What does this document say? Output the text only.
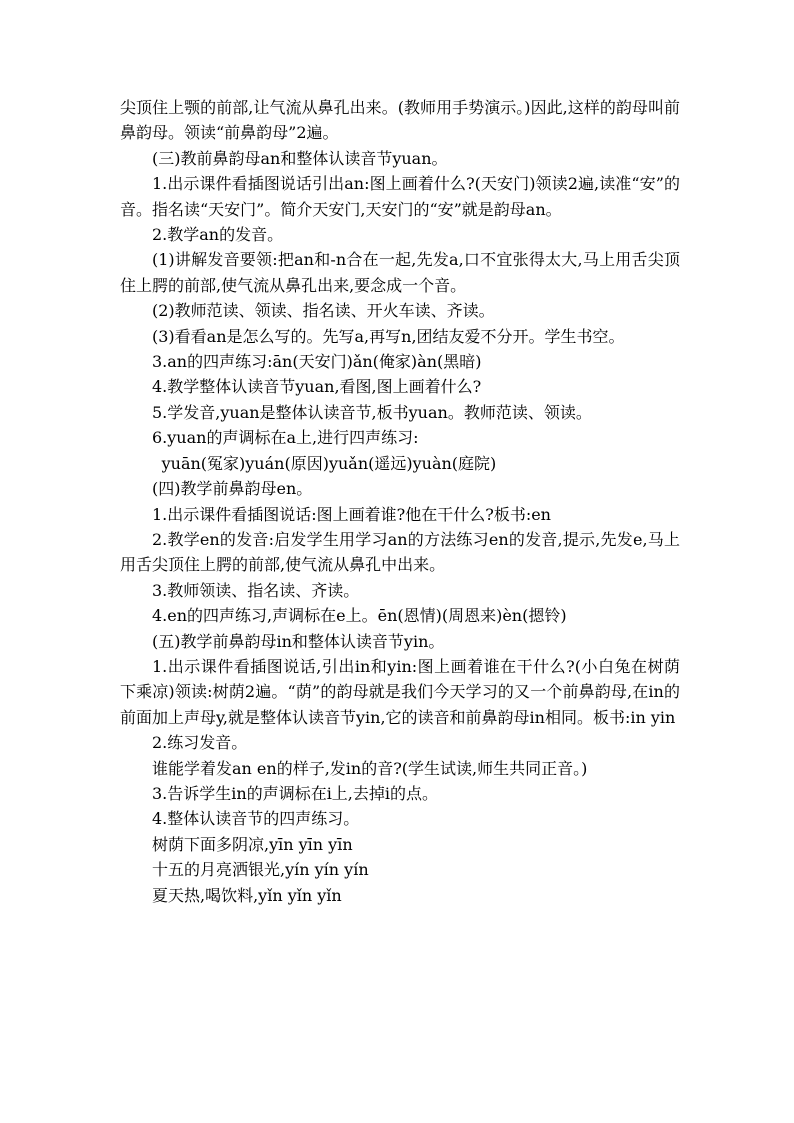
尖顶住上颚的前部,让气流从鼻孔出来。(教师用手势演示。)因此,这样的韵母叫前鼻韵母。领读“前鼻韵母”2遍。

(三)教前鼻韵母an和整体认读音节yuan。

1.出示课件看插图说话引出an:图上画着什么?(天安门)领读2遍,读准“安”的音。指名读“天安门”。简介天安门,天安门的“安”就是韵母an。

2.教学an的发音。

(1)讲解发音要领:把an和-n合在一起,先发a,口不宜张得太大,马上用舌尖顶住上腭的前部,使气流从鼻孔出来,要念成一个音。

(2)教师范读、领读、指名读、开火车读、齐读。

(3)看看an是怎么写的。先写a,再写n,团结友爱不分开。学生书空。

3.an的四声练习:ān(天安门)ǎn(俺家)àn(黑暗)

4.教学整体认读音节yuan,看图,图上画着什么?

5.学发音,yuan是整体认读音节,板书yuan。教师范读、领读。

6.yuan的声调标在a上,进行四声练习:

yuān(冤家)yuán(原因)yuǎn(遥远)yuàn(庭院)

(四)教学前鼻韵母en。

1.出示课件看插图说话:图上画着谁?他在干什么?板书:en

2.教学en的发音:启发学生用学习an的方法练习en的发音,提示,先发e,马上用舌尖顶住上腭的前部,使气流从鼻孔中出来。

3.教师领读、指名读、齐读。

4.en的四声练习,声调标在e上。ēn(恩情)(周恩来)èn(摁铃)

(五)教学前鼻韵母in和整体认读音节yin。

1.出示课件看插图说话,引出in和yin:图上画着谁在干什么?(小白兔在树荫下乘凉)领读:树荫2遍。“荫”的韵母就是我们今天学习的又一个前鼻韵母,在in的前面加上声母y,就是整体认读音节yin,它的读音和前鼻韵母in相同。板书:in yin

2.练习发音。

谁能学着发an en的样子,发in的音?(学生试读,师生共同正音。)

3.告诉学生in的声调标在i上,去掉i的点。

4.整体认读音节的四声练习。

树荫下面多阴凉,yīn yīn yīn

十五的月亮洒银光,yín yín yín

夏天热,喝饮料,yǐn yǐn yǐn
